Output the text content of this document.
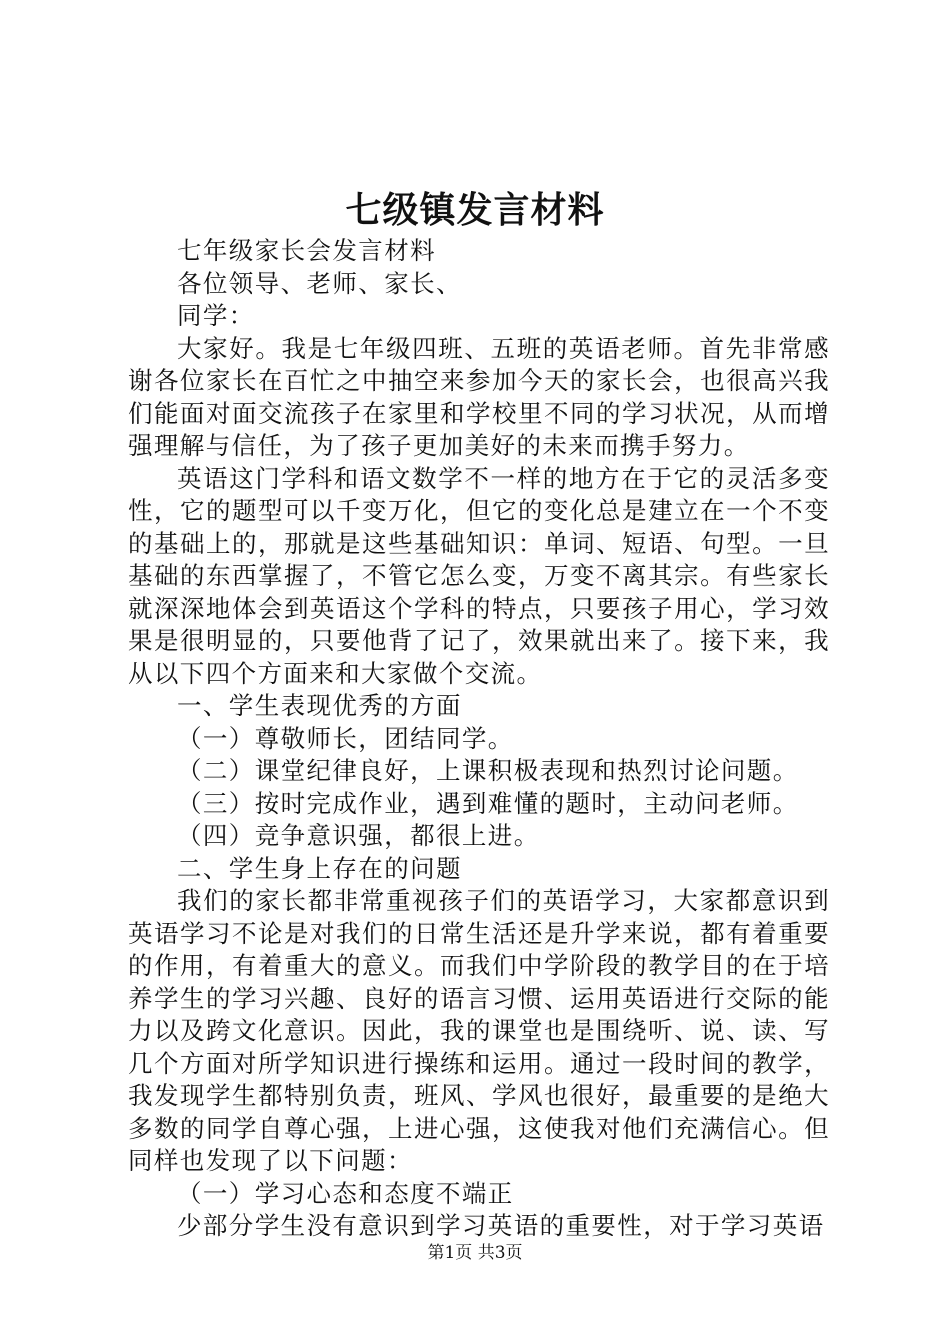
七级镇发言材料

七年级家长会发言材料

各位领导、老师、家长、

同学：

大家好。我是七年级四班、五班的英语老师。首先非常感谢各位家长在百忙之中抽空来参加今天的家长会，也很高兴我们能面对面交流孩子在家里和学校里不同的学习状况，从而增强理解与信任，为了孩子更加美好的未来而携手努力。

英语这门学科和语文数学不一样的地方在于它的灵活多变性，它的题型可以千变万化，但它的变化总是建立在一个不变的基础上的，那就是这些基础知识：单词、短语、句型。一旦基础的东西掌握了，不管它怎么变，万变不离其宗。有些家长就深深地体会到英语这个学科的特点，只要孩子用心，学习效果是很明显的，只要他背了记了，效果就出来了。接下来，我从以下四个方面来和大家做个交流。

一、学生表现优秀的方面

（一）尊敬师长，团结同学。

（二）课堂纪律良好，上课积极表现和热烈讨论问题。

（三）按时完成作业，遇到难懂的题时，主动问老师。

（四）竞争意识强，都很上进。

二、学生身上存在的问题

我们的家长都非常重视孩子们的英语学习，大家都意识到英语学习不论是对我们的日常生活还是升学来说，都有着重要的作用，有着重大的意义。而我们中学阶段的教学目的在于培养学生的学习兴趣、良好的语言习惯、运用英语进行交际的能力以及跨文化意识。因此，我的课堂也是围绕听、说、读、写几个方面对所学知识进行操练和运用。通过一段时间的教学，我发现学生都特别负责，班风、学风也很好，最重要的是绝大多数的同学自尊心强，上进心强，这使我对他们充满信心。但同样也发现了以下问题：

（一）学习心态和态度不端正

少部分学生没有意识到学习英语的重要性，对于学习英语

第1页 共3页
